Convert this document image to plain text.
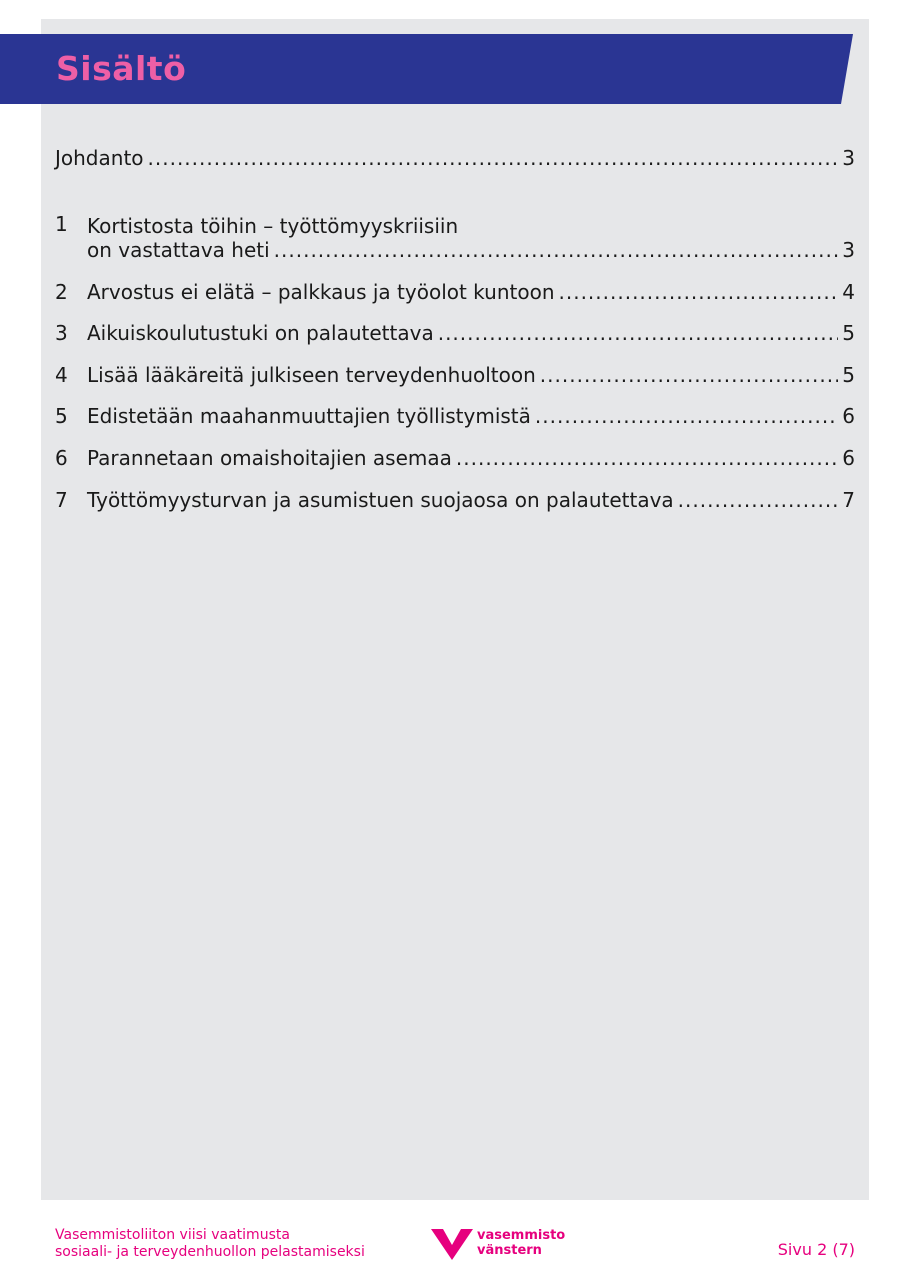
Sisältö
Johdanto .....	3
1 Kortistosta töihin – työttömyyskriisiin
on vastattava heti .....	3
2 Arvostus ei elätä – palkkaus ja työolot kuntoon .....	4
3 Aikuiskoulutustuki on palautettava .....	5
4 Lisää lääkäreitä julkiseen terveydenhuoltoon .....	5
5 Edistetään maahanmuuttajien työllistymistä .....	6
6 Parannetaan omaishoitajien asemaa .....	6
7 Työttömyysturvan ja asumistuen suojaosa on palautettava .....	7
Vasemmistoliiton viisi vaatimusta
sosiaali- ja terveydenhuollon pelastamiseksi
vasemmisto
vänstern	Sivu 2 (7)
